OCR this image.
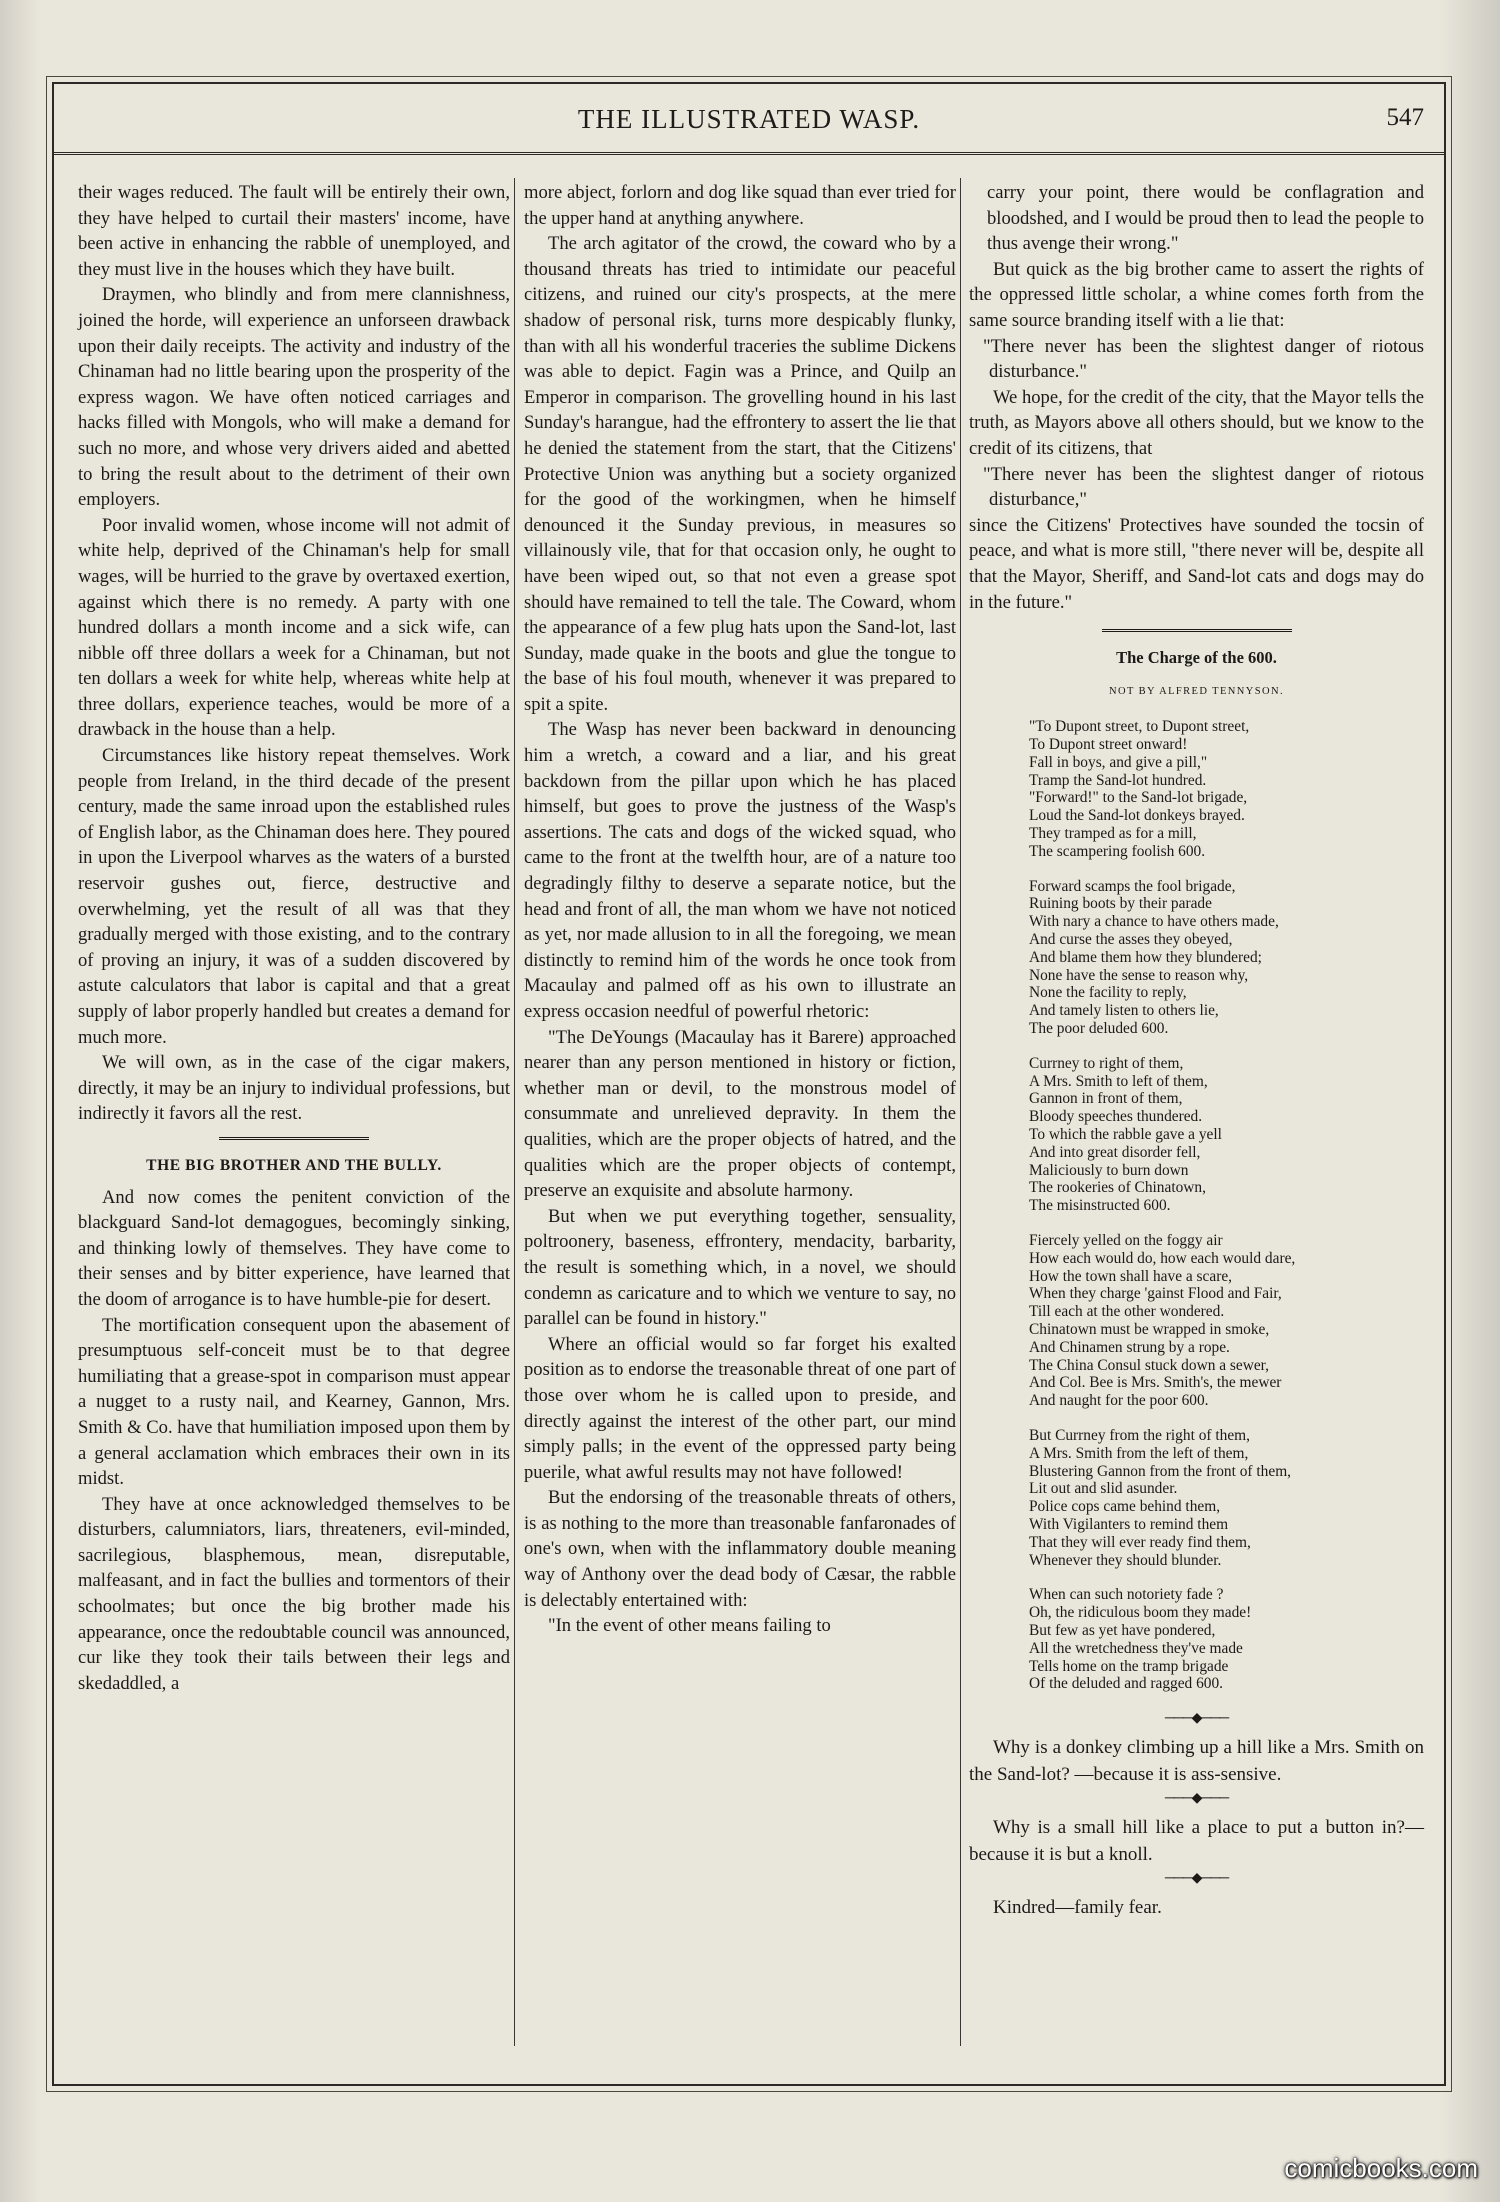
THE ILLUSTRATED WASP.	547

their wages reduced. The fault will be entirely their own, they have helped to curtail their masters' income, have been active in enhancing the rabble of unemployed, and they must live in the houses which they have built.

Draymen, who blindly and from mere clannishness, joined the horde, will experience an unforseen drawback upon their daily receipts. The activity and industry of the Chinaman had no little bearing upon the prosperity of the express wagon. We have often noticed carriages and hacks filled with Mongols, who will make a demand for such no more, and whose very drivers aided and abetted to bring the result about to the detriment of their own employers.

Poor invalid women, whose income will not admit of white help, deprived of the Chinaman's help for small wages, will be hurried to the grave by overtaxed exertion, against which there is no remedy. A party with one hundred dollars a month income and a sick wife, can nibble off three dollars a week for a Chinaman, but not ten dollars a week for white help, whereas white help at three dollars, experience teaches, would be more of a drawback in the house than a help.

Circumstances like history repeat themselves. Work people from Ireland, in the third decade of the present century, made the same inroad upon the established rules of English labor, as the Chinaman does here. They poured in upon the Liverpool wharves as the waters of a bursted reservoir gushes out, fierce, destructive and overwhelming, yet the result of all was that they gradually merged with those existing, and to the contrary of proving an injury, it was of a sudden discovered by astute calculators that labor is capital and that a great supply of labor properly handled but creates a demand for much more.

We will own, as in the case of the cigar makers, directly, it may be an injury to individual professions, but indirectly it favors all the rest.

THE BIG BROTHER AND THE BULLY.

And now comes the penitent conviction of the blackguard Sand-lot demagogues, becomingly sinking, and thinking lowly of themselves. They have come to their senses and by bitter experience, have learned that the doom of arrogance is to have humble-pie for desert.

The mortification consequent upon the abasement of presumptuous self-conceit must be to that degree humiliating that a grease-spot in comparison must appear a nugget to a rusty nail, and Kearney, Gannon, Mrs. Smith & Co. have that humiliation imposed upon them by a general acclamation which embraces their own in its midst.

They have at once acknowledged themselves to be disturbers, calumniators, liars, threateners, evil-minded, sacrilegious, blasphemous, mean, disreputable, malfeasant, and in fact the bullies and tormentors of their schoolmates; but once the big brother made his appearance, once the redoubtable council was announced, cur like they took their tails between their legs and skedaddled, a

more abject, forlorn and dog like squad than ever tried for the upper hand at anything anywhere.

The arch agitator of the crowd, the coward who by a thousand threats has tried to intimidate our peaceful citizens, and ruined our city's prospects, at the mere shadow of personal risk, turns more despicably flunky, than with all his wonderful traceries the sublime Dickens was able to depict. Fagin was a Prince, and Quilp an Emperor in comparison. The grovelling hound in his last Sunday's harangue, had the effrontery to assert the lie that he denied the statement from the start, that the Citizens' Protective Union was anything but a society organized for the good of the workingmen, when he himself denounced it the Sunday previous, in measures so villainously vile, that for that occasion only, he ought to have been wiped out, so that not even a grease spot should have remained to tell the tale. The Coward, whom the appearance of a few plug hats upon the Sand-lot, last Sunday, made quake in the boots and glue the tongue to the base of his foul mouth, whenever it was prepared to spit a spite.

The Wasp has never been backward in denouncing him a wretch, a coward and a liar, and his great backdown from the pillar upon which he has placed himself, but goes to prove the justness of the Wasp's assertions. The cats and dogs of the wicked squad, who came to the front at the twelfth hour, are of a nature too degradingly filthy to deserve a separate notice, but the head and front of all, the man whom we have not noticed as yet, nor made allusion to in all the foregoing, we mean distinctly to remind him of the words he once took from Macaulay and palmed off as his own to illustrate an express occasion needful of powerful rhetoric:

"The DeYoungs (Macaulay has it Barere) approached nearer than any person mentioned in history or fiction, whether man or devil, to the monstrous model of consummate and unrelieved depravity. In them the qualities, which are the proper objects of hatred, and the qualities which are the proper objects of contempt, preserve an exquisite and absolute harmony.

But when we put everything together, sensuality, poltroonery, baseness, effrontery, mendacity, barbarity, the result is something which, in a novel, we should condemn as caricature and to which we venture to say, no parallel can be found in history."

Where an official would so far forget his exalted position as to endorse the treasonable threat of one part of those over whom he is called upon to preside, and directly against the interest of the other part, our mind simply palls; in the event of the oppressed party being puerile, what awful results may not have followed!

But the endorsing of the treasonable threats of others, is as nothing to the more than treasonable fanfaronades of one's own, when with the inflammatory double meaning way of Anthony over the dead body of Cæsar, the rabble is delectably entertained with:

"In the event of other means failing to

carry your point, there would be conflagration and bloodshed, and I would be proud then to lead the people to thus avenge their wrong."

But quick as the big brother came to assert the rights of the oppressed little scholar, a whine comes forth from the same source branding itself with a lie that:

"There never has been the slightest danger of riotous disturbance."

We hope, for the credit of the city, that the Mayor tells the truth, as Mayors above all others should, but we know to the credit of its citizens, that

"There never has been the slightest danger of riotous disturbance,"

since the Citizens' Protectives have sounded the tocsin of peace, and what is more still, "there never will be, despite all that the Mayor, Sheriff, and Sand-lot cats and dogs may do in the future."

The Charge of the 600.
NOT BY ALFRED TENNYSON.
"To Dupont street, to Dupont street,
To Dupont street onward!
Fall in boys, and give a pill,"
Tramp the Sand-lot hundred.
"Forward!" to the Sand-lot brigade,
Loud the Sand-lot donkeys brayed.
They tramped as for a mill,
The scampering foolish 600.
Forward scamps the fool brigade,
Ruining boots by their parade
With nary a chance to have others made,
And curse the asses they obeyed,
And blame them how they blundered;
None have the sense to reason why,
None the facility to reply,
And tamely listen to others lie,
The poor deluded 600.
Currney to right of them,
A Mrs. Smith to left of them,
Gannon in front of them,
Bloody speeches thundered.
To which the rabble gave a yell
And into great disorder fell,
Maliciously to burn down
The rookeries of Chinatown,
The misinstructed 600.
Fiercely yelled on the foggy air
How each would do, how each would dare,
How the town shall have a scare,
When they charge 'gainst Flood and Fair,
Till each at the other wondered.
Chinatown must be wrapped in smoke,
And Chinamen strung by a rope.
The China Consul stuck down a sewer,
And Col. Bee is Mrs. Smith's, the mewer
And naught for the poor 600.
But Currney from the right of them,
A Mrs. Smith from the left of them,
Blustering Gannon from the front of them,
Lit out and slid asunder.
Police cops came behind them,
With Vigilanters to remind them
That they will ever ready find them,
Whenever they should blunder.
When can such notoriety fade ?
Oh, the ridiculous boom they made!
But few as yet have pondered,
All the wretchedness they've made
Tells home on the tramp brigade
Of the deluded and ragged 600.
───◆───

Why is a donkey climbing up a hill like a Mrs. Smith on the Sand-lot? —because it is ass-sensive.

───◆───

Why is a small hill like a place to put a button in?—because it is but a knoll.

───◆───

Kindred—family fear.

comicbooks.com
